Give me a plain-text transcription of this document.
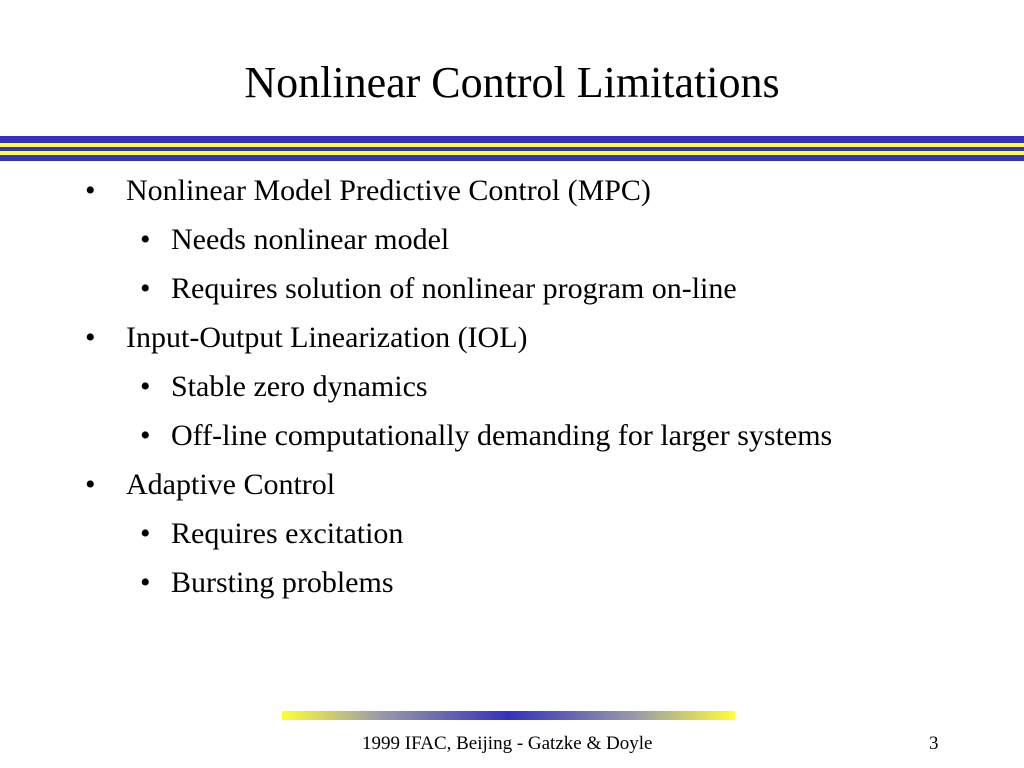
Nonlinear Control Limitations
• Nonlinear Model Predictive Control (MPC)
• Needs nonlinear model
• Requires solution of nonlinear program on-line
• Input-Output Linearization (IOL)
• Stable zero dynamics
• Off-line computationally demanding for larger systems
• Adaptive Control
• Requires excitation
• Bursting problems
1999 IFAC, Beijing - Gatzke & Doyle	3
